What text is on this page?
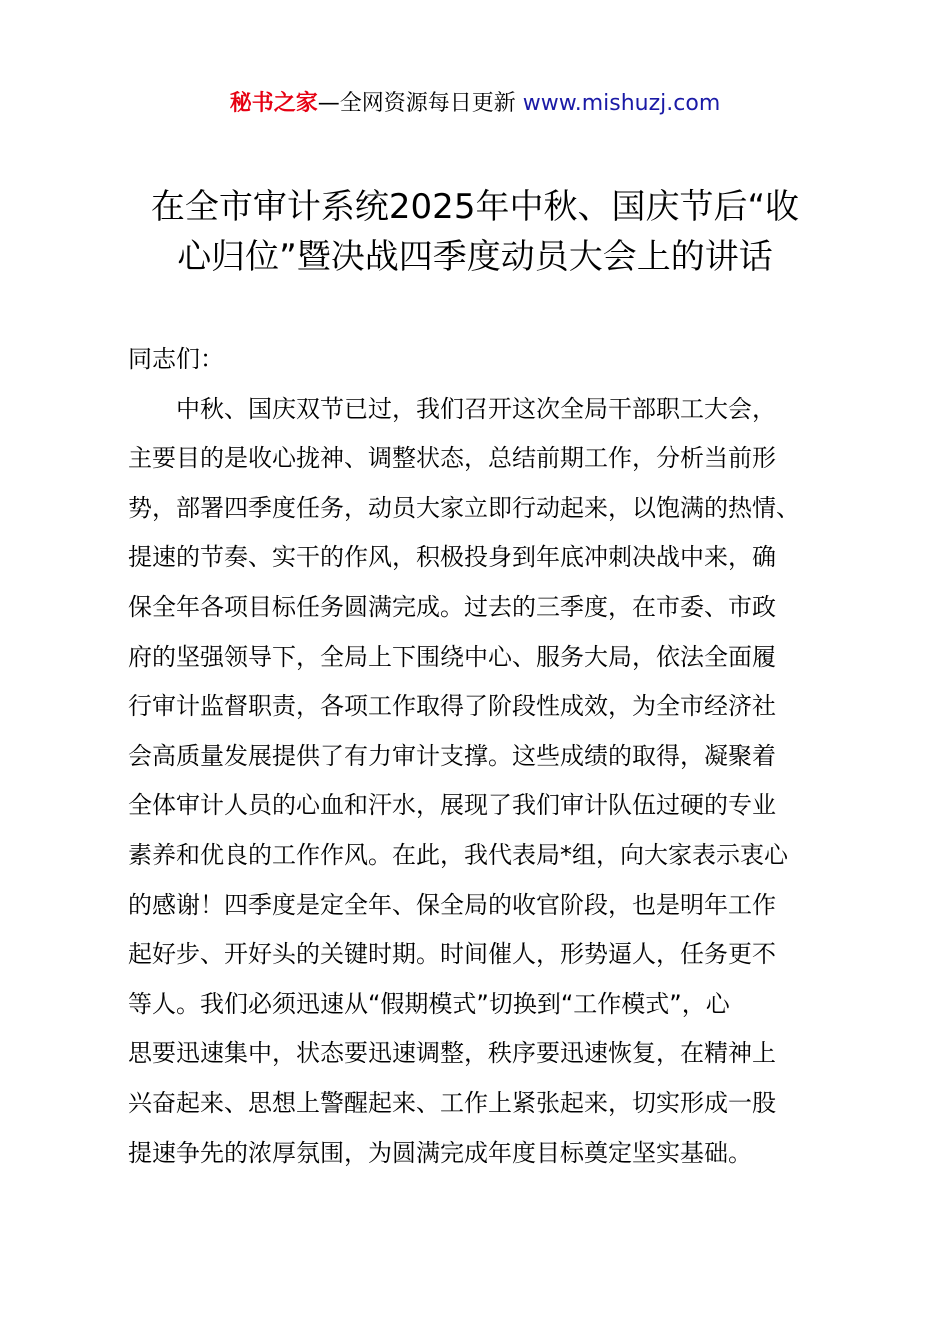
秘书之家—全网资源每日更新 www.mishuzj.com
在全市审计系统2025年中秋、国庆节后“收
心归位”暨决战四季度动员大会上的讲话

同志们：

中秋、国庆双节已过，我们召开这次全局干部职工大会，
主要目的是收心拢神、调整状态，总结前期工作，分析当前形
势，部署四季度任务，动员大家立即行动起来，以饱满的热情、
提速的节奏、实干的作风，积极投身到年底冲刺决战中来，确
保全年各项目标任务圆满完成。过去的三季度，在市委、市政
府的坚强领导下，全局上下围绕中心、服务大局，依法全面履
行审计监督职责，各项工作取得了阶段性成效，为全市经济社
会高质量发展提供了有力审计支撑。这些成绩的取得，凝聚着
全体审计人员的心血和汗水，展现了我们审计队伍过硬的专业
素养和优良的工作作风。在此，我代表局*组，向大家表示衷心
的感谢！四季度是定全年、保全局的收官阶段，也是明年工作
起好步、开好头的关键时期。时间催人，形势逼人，任务更不
等人。我们必须迅速从“假期模式”切换到“工作模式”，心
思要迅速集中，状态要迅速调整，秩序要迅速恢复，在精神上
兴奋起来、思想上警醒起来、工作上紧张起来，切实形成一股
提速争先的浓厚氛围，为圆满完成年度目标奠定坚实基础。
